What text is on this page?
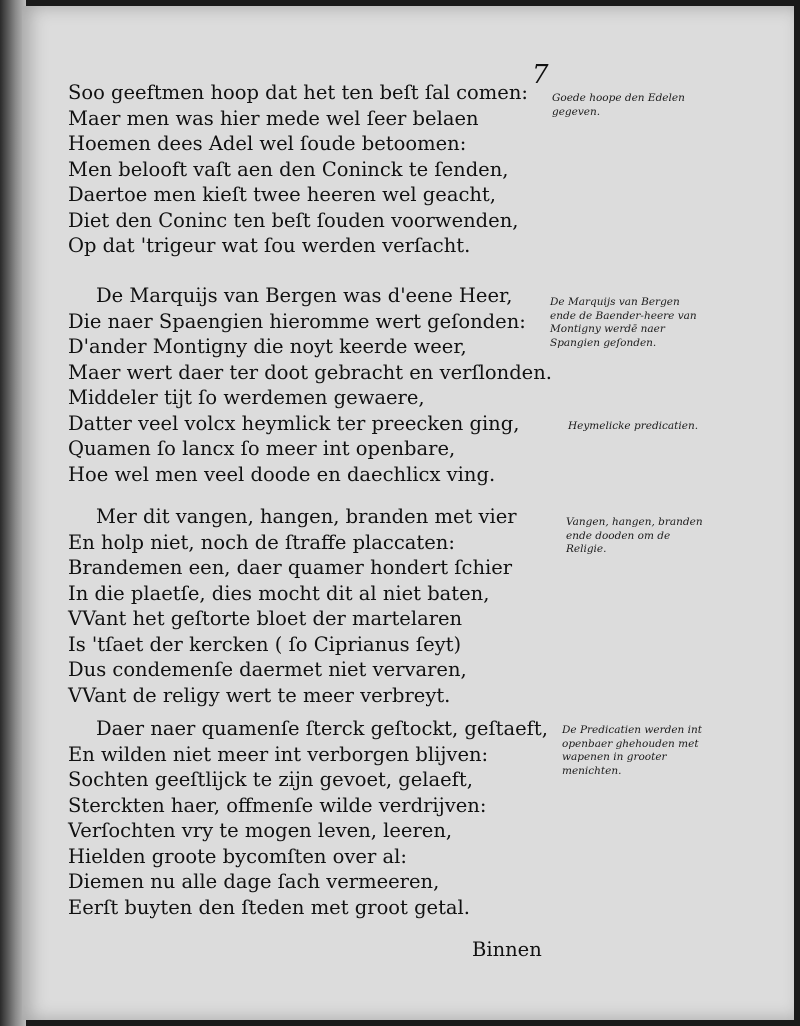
7
Soo geeftmen hoop dat het ten beſt ſal comen:
Maer men was hier mede wel ſeer belaen
Hoemen dees Adel wel ſoude betoomen:
Men belooft vaſt aen den Coninck te ſenden,
Daertoe men kieſt twee heeren wel geacht,
Diet den Coninc ten beſt ſouden voorwenden,
Op dat 'trigeur wat ſou werden verſacht.
De Marquijs van Bergen was d'eene Heer,
Die naer Spaengien hieromme wert geſonden:
D'ander Montigny die noyt keerde weer,
Maer wert daer ter doot gebracht en verſlonden.
Middeler tijt ſo werdemen gewaere,
Datter veel volcx heymlick ter preecken ging,
Quamen ſo lancx ſo meer int openbare,
Hoe wel men veel doode en daechlicx ving.
Mer dit vangen, hangen, branden met vier
En holp niet, noch de ſtraffe placcaten:
Brandemen een, daer quamer hondert ſchier
In die plaetſe, dies mocht dit al niet baten,
VVant het geſtorte bloet der martelaren
Is 'tſaet der kercken ( ſo Ciprianus ſeyt)
Dus condemenſe daermet niet vervaren,
VVant de religy wert te meer verbreyt.
Daer naer quamenſe ſterck geſtockt, geſtaeft,
En wilden niet meer int verborgen blijven:
Sochten geeſtlijck te zijn gevoet, gelaeft,
Sterckten haer, offmenſe wilde verdrijven:
Verſochten vry te mogen leven, leeren,
Hielden groote bycomſten over al:
Diemen nu alle dage ſach vermeeren,
Eerſt buyten den ſteden met groot getal.
Goede hoope den Edelen gegeven.
De Marquijs van Bergen ende de Baender-heere van Montigny werdē naer Spangien geſonden.
Heymelicke predicatien.
Vangen, hangen, branden ende dooden om de Religie.
De Predicatien werden int openbaer ghehouden met wapenen in grooter menichten.
Binnen
